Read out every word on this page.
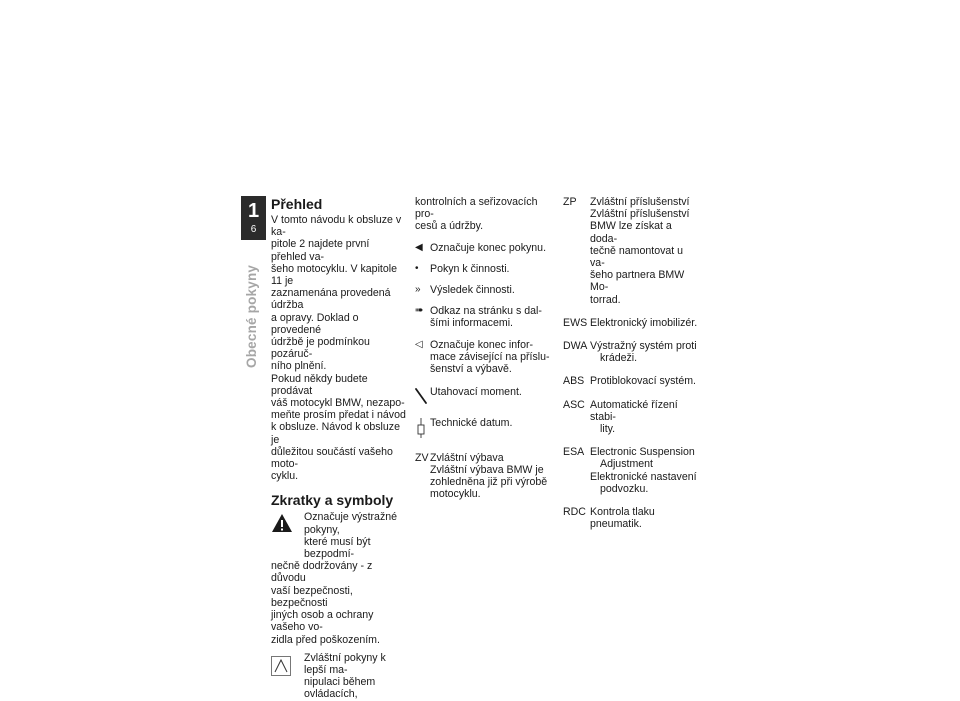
1
6
Obecné pokyny
Přehled

V tomto návodu k obsluze v ka-
pitole 2 najdete první přehled va-
šeho motocyklu. V kapitole 11 je
zaznamenána provedená údržba
a opravy. Doklad o provedené
údržbě je podmínkou pozáruč-
ního plnění.

Pokud někdy budete prodávat
váš motocykl BMW, nezapo-
meňte prosím předat i návod
k obsluze. Návod k obsluze je
důležitou součástí vašeho moto-
cyklu.

Zkratky a symboly
Označuje výstražné pokyny,
které musí být bezpodmí-

nečně dodržovány - z důvodu
vaší bezpečnosti, bezpečnosti
jiných osob a ochrany vašeho vo-
zidla před poškozením.

Zvláštní pokyny k lepší ma-
nipulaci během ovládacích,

kontrolních a seřizovacích pro-
cesů a údržby.

◀ Označuje konec pokynu.
•	Pokyn k činnosti.
» Výsledek činnosti.
➠ Odkaz na stránku s dal-
šími informacemi.
◁ Označuje konec infor-
mace závisející na příslu-
šenství a výbavě.
Utahovací moment.
Technické datum.
ZV Zvláštní výbava
Zvláštní výbava BMW je
zohledněna již při výrobě
motocyklu.
ZP	Zvláštní příslušenství
Zvláštní příslušenství
BMW lze získat a doda-
tečně namontovat u va-
šeho partnera BMW Mo-
torrad.
EWS Elektronický imobilizér.
DWA Výstražný systém proti

krádeži.
ABS Protiblokovací systém.
ASC Automatické řízení stabi-

lity.
ESA Electronic Suspension

Adjustment
Elektronické nastavení

podvozku.
RDC Kontrola tlaku pneumatik.
